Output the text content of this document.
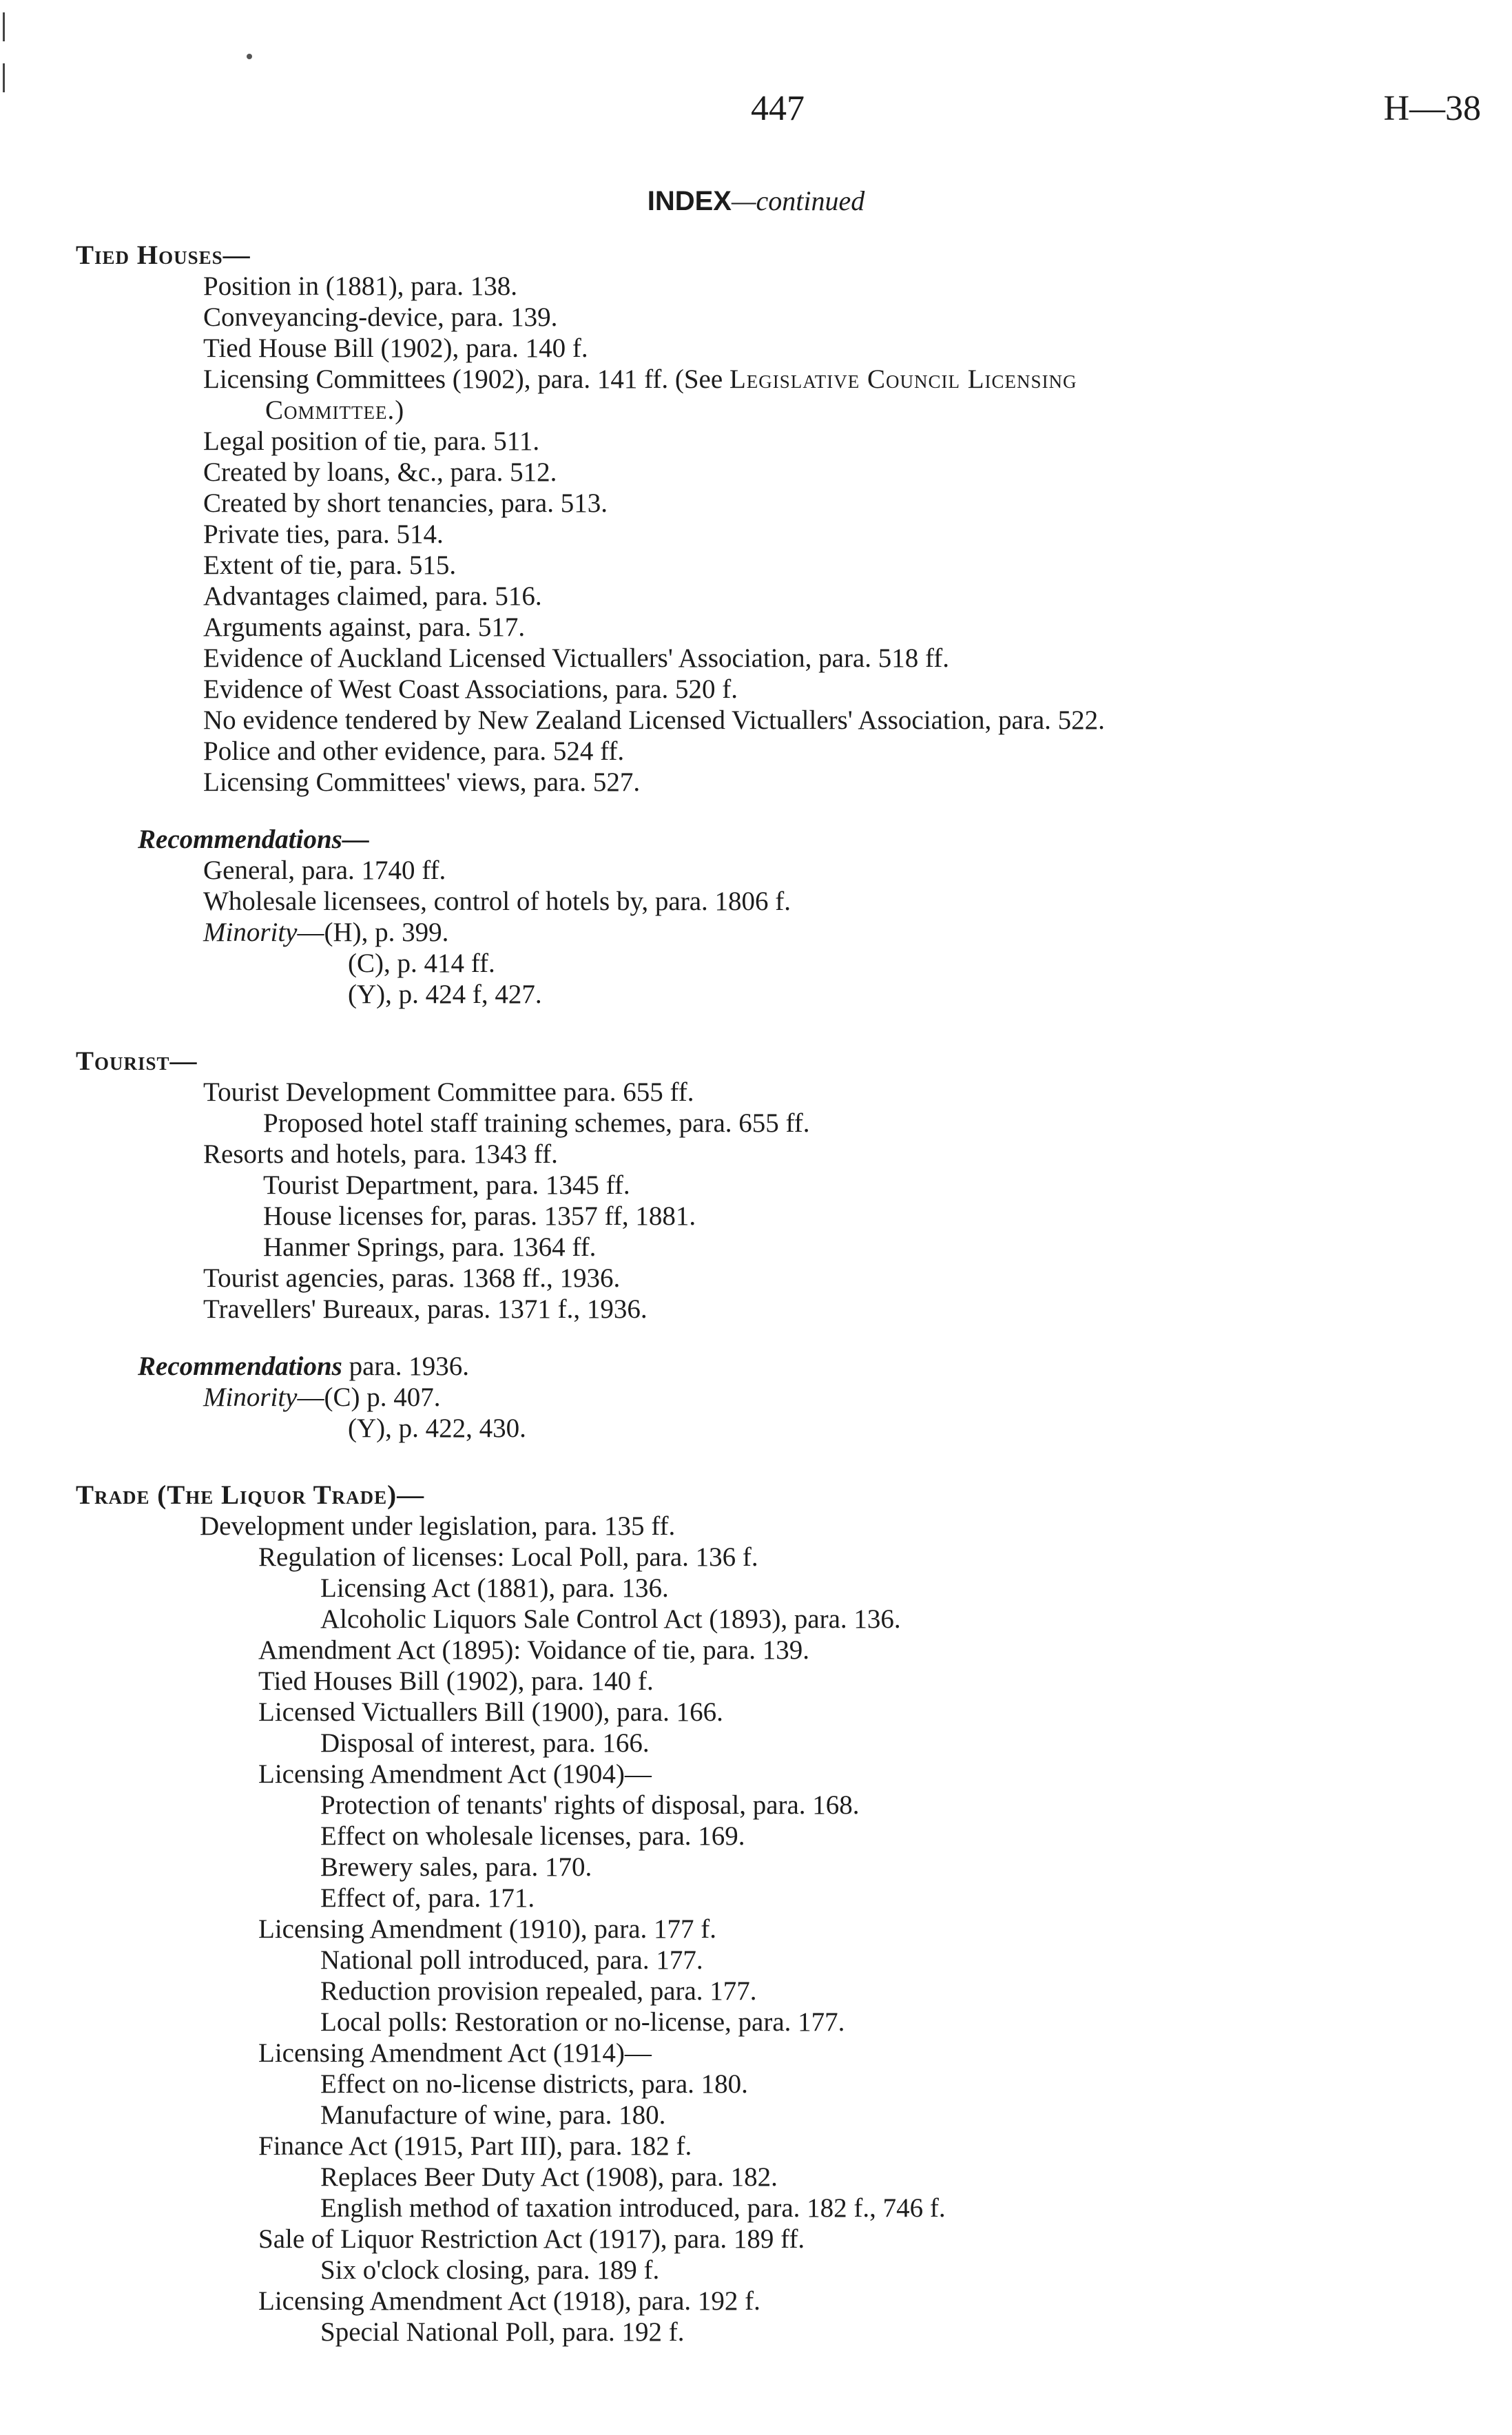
447	H—38
INDEX—continued
Tied Houses—
Position in (1881), para. 138.
Conveyancing-device, para. 139.
Tied House Bill (1902), para. 140 f.
Licensing Committees (1902), para. 141 ff. (See Legislative Council Licensing
Committee.)
Legal position of tie, para. 511.
Created by loans, &c., para. 512.
Created by short tenancies, para. 513.
Private ties, para. 514.
Extent of tie, para. 515.
Advantages claimed, para. 516.
Arguments against, para. 517.
Evidence of Auckland Licensed Victuallers' Association, para. 518 ff.
Evidence of West Coast Associations, para. 520 f.
No evidence tendered by New Zealand Licensed Victuallers' Association, para. 522.
Police and other evidence, para. 524 ff.
Licensing Committees' views, para. 527.
Recommendations—
General, para. 1740 ff.
Wholesale licensees, control of hotels by, para. 1806 f.
Minority—(H), p. 399.
(C), p. 414 ff.
(Y), p. 424 f, 427.
Tourist—
Tourist Development Committee para. 655 ff.
Proposed hotel staff training schemes, para. 655 ff.
Resorts and hotels, para. 1343 ff.
Tourist Department, para. 1345 ff.
House licenses for, paras. 1357 ff, 1881.
Hanmer Springs, para. 1364 ff.
Tourist agencies, paras. 1368 ff., 1936.
Travellers' Bureaux, paras. 1371 f., 1936.
Recommendations para. 1936.
Minority—(C) p. 407.
(Y), p. 422, 430.
Trade (The Liquor Trade)—
Development under legislation, para. 135 ff.
Regulation of licenses: Local Poll, para. 136 f.
Licensing Act (1881), para. 136.
Alcoholic Liquors Sale Control Act (1893), para. 136.
Amendment Act (1895): Voidance of tie, para. 139.
Tied Houses Bill (1902), para. 140 f.
Licensed Victuallers Bill (1900), para. 166.
Disposal of interest, para. 166.
Licensing Amendment Act (1904)—
Protection of tenants' rights of disposal, para. 168.
Effect on wholesale licenses, para. 169.
Brewery sales, para. 170.
Effect of, para. 171.
Licensing Amendment (1910), para. 177 f.
National poll introduced, para. 177.
Reduction provision repealed, para. 177.
Local polls: Restoration or no-license, para. 177.
Licensing Amendment Act (1914)—
Effect on no-license districts, para. 180.
Manufacture of wine, para. 180.
Finance Act (1915, Part III), para. 182 f.
Replaces Beer Duty Act (1908), para. 182.
English method of taxation introduced, para. 182 f., 746 f.
Sale of Liquor Restriction Act (1917), para. 189 ff.
Six o'clock closing, para. 189 f.
Licensing Amendment Act (1918), para. 192 f.
Special National Poll, para. 192 f.
